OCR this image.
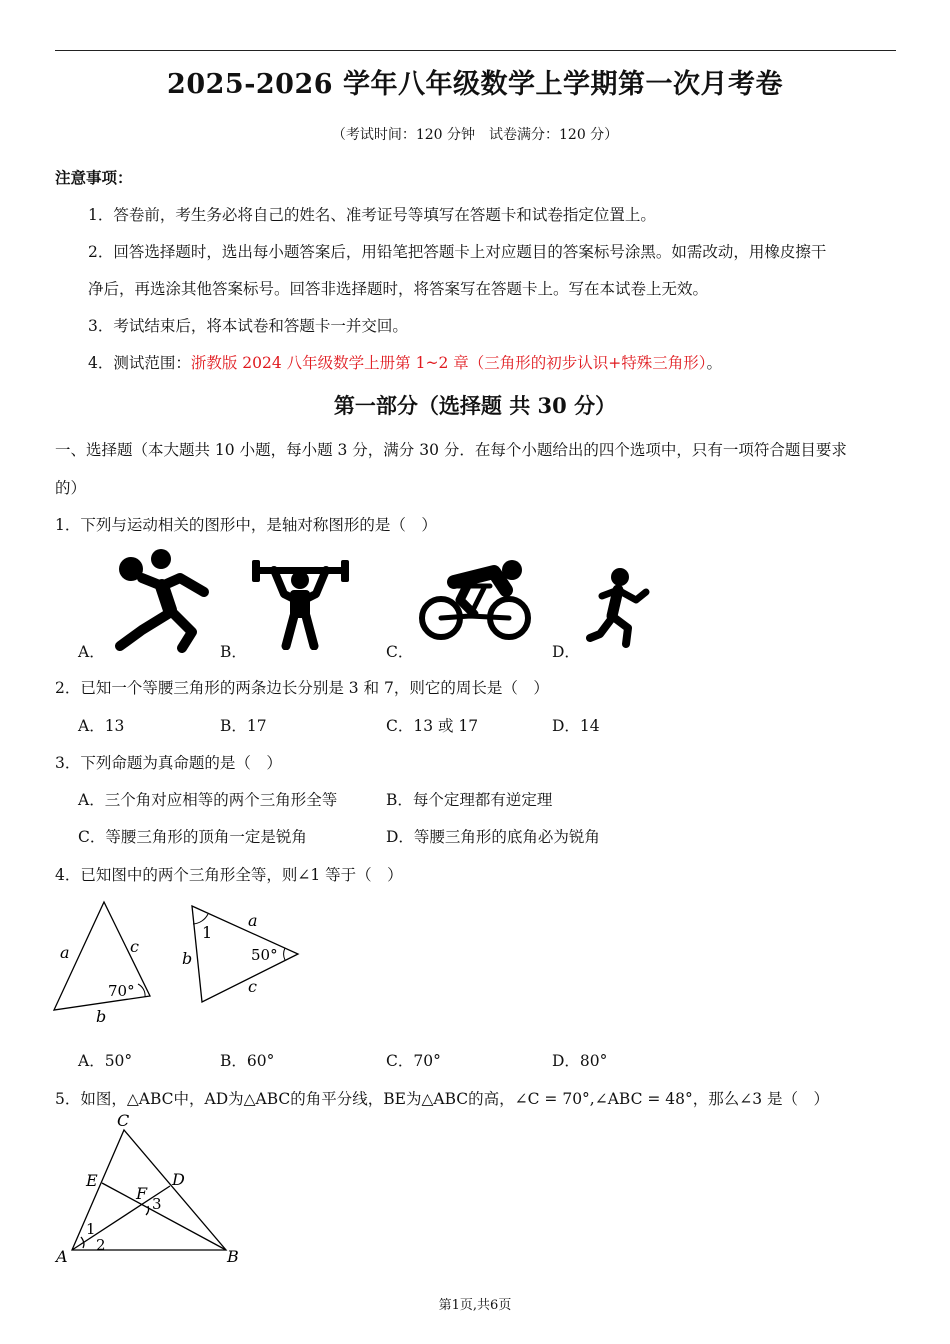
2025-2026 学年八年级数学上学期第一次月考卷
（考试时间：120 分钟　试卷满分：120 分）
注意事项：
1．答卷前，考生务必将自己的姓名、准考证号等填写在答题卡和试卷指定位置上。
2．回答选择题时，选出每小题答案后，用铅笔把答题卡上对应题目的答案标号涂黑。如需改动，用橡皮擦干
净后，再选涂其他答案标号。回答非选择题时，将答案写在答题卡上。写在本试卷上无效。
3．考试结束后，将本试卷和答题卡一并交回。
4．测试范围：浙教版 2024 八年级数学上册第 1~2 章（三角形的初步认识+特殊三角形）。
第一部分（选择题 共 30 分）
一、选择题（本大题共 10 小题，每小题 3 分，满分 30 分．在每个小题给出的四个选项中，只有一项符合题目要求
的）
1．下列与运动相关的图形中，是轴对称图形的是（　）
A．	B．	C．	D．
2．已知一个等腰三角形的两条边长分别是 3 和 7，则它的周长是（　）
A．13	B．17	C．13 或 17	D．14
3．下列命题为真命题的是（　）
A．三个角对应相等的两个三角形全等	B．每个定理都有逆定理
C．等腰三角形的顶角一定是锐角	D．等腰三角形的底角必为锐角
4．已知图中的两个三角形全等，则∠1 等于（　）
a	c
b
70°
1
a
b
c
50°
A．50°	B．60°	C．70°	D．80°
5．如图，△ABC中，AD为△ABC的角平分线，BE为△ABC的高，∠C = 70°,∠ABC = 48°，那么∠3 是（　）
C
E	D
F
3
1
2
A	B
第1页,共6页
